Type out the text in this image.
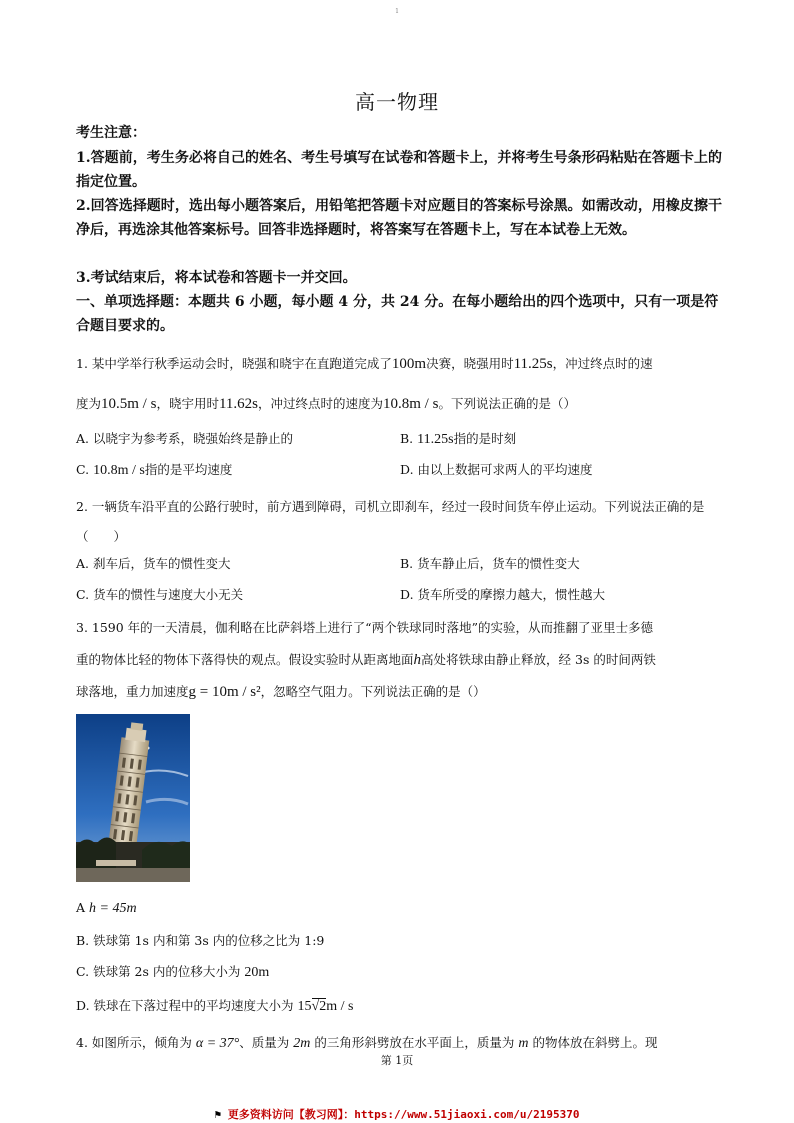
1
高一物理
考生注意：
1.答题前，考生务必将自己的姓名、考生号填写在试卷和答题卡上，并将考生号条形码粘贴在答题卡上的指定位置。
2.回答选择题时，选出每小题答案后，用铅笔把答题卡对应题目的答案标号涂黑。如需改动，用橡皮擦干净后，再选涂其他答案标号。回答非选择题时，将答案写在答题卡上，写在本试卷上无效。
3.考试结束后，将本试卷和答题卡一并交回。
一、单项选择题：本题共 6 小题，每小题 4 分，共 24 分。在每小题给出的四个选项中，只有一项是符合题目要求的。
1. 某中学举行秋季运动会时，晓强和晓宇在直跑道完成了100m决赛，晓强用时11.25s，冲过终点时的速
度为10.5m / s，晓宇用时11.62s，冲过终点时的速度为10.8m / s。下列说法正确的是（）
A. 以晓宇为参考系，晓强始终是静止的	B. 11.25s指的是时刻
C. 10.8m / s指的是平均速度	D. 由以上数据可求两人的平均速度
2. 一辆货车沿平直的公路行驶时，前方遇到障碍，司机立即刹车，经过一段时间货车停止运动。下列说法正确的是（　　）
A. 刹车后，货车的惯性变大	B. 货车静止后，货车的惯性变大
C. 货车的惯性与速度大小无关	D. 货车所受的摩擦力越大，惯性越大
3. 1590 年的一天清晨，伽利略在比萨斜塔上进行了“两个铁球同时落地”的实验，从而推翻了亚里士多德
重的物体比轻的物体下落得快的观点。假设实验时从距离地面h高处将铁球由静止释放，经 3s 的时间两铁
球落地，重力加速度g = 10m / s²，忽略空气阻力。下列说法正确的是（）
A h = 45m
B. 铁球第 1s 内和第 3s 内的位移之比为 1:9
C. 铁球第 2s 内的位移大小为 20m
D. 铁球在下落过程中的平均速度大小为 15√2m / s
4. 如图所示，倾角为 α = 37°、质量为 2m 的三角形斜劈放在水平面上，质量为 m 的物体放在斜劈上。现
第 1页
⚑ 更多资料访问【教习网】：https://www.51jiaoxi.com/u/2195370
